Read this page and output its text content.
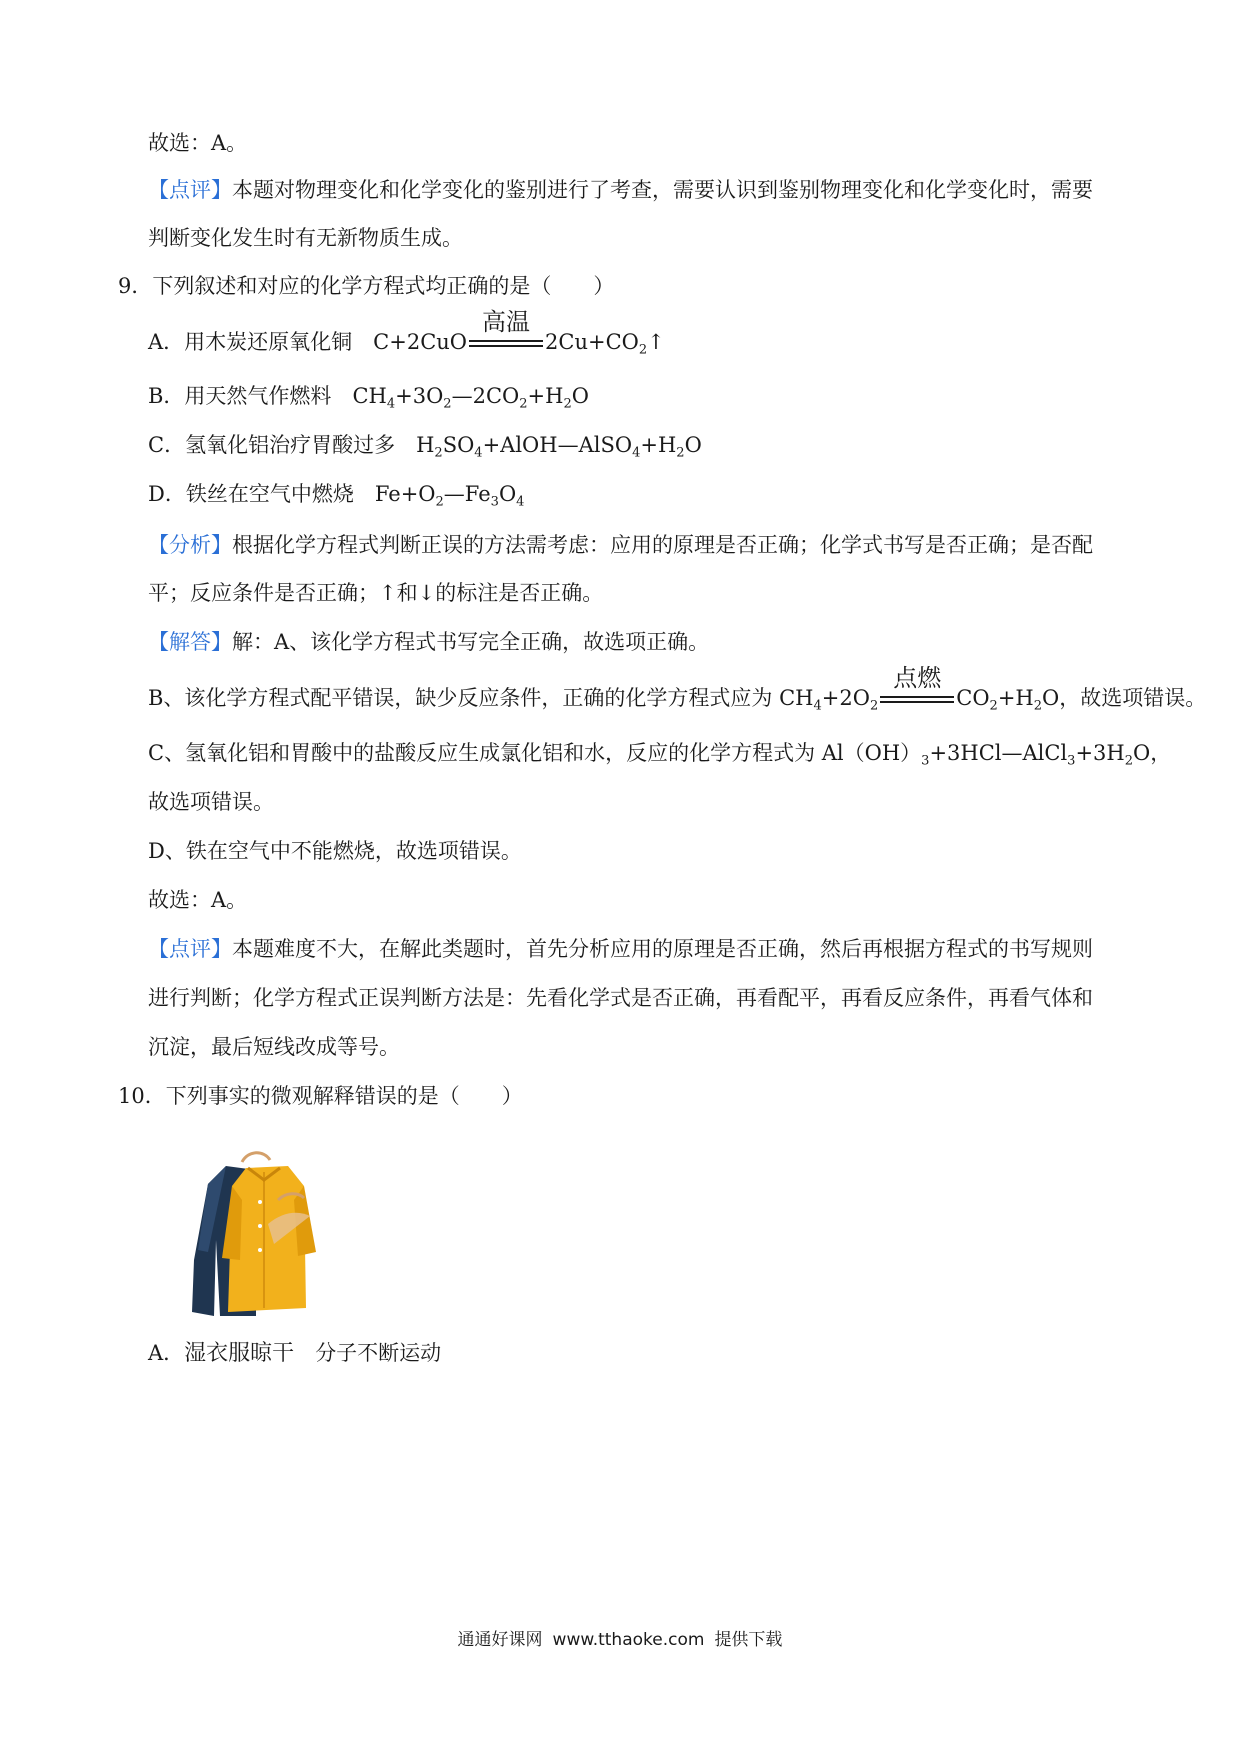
故选：A。
【点评】本题对物理变化和化学变化的鉴别进行了考查，需要认识到鉴别物理变化和化学变化时，需要
判断变化发生时有无新物质生成。
9．下列叙述和对应的化学方程式均正确的是（　　）
A．用木炭还原氧化铜　C+2CuO
高温
$2Cu+CO_2↑$
B．用天然气作燃料　$CH_4+3O_2—2CO_2+H_2O$
C．氢氧化铝治疗胃酸过多　$H_2SO_4+AlOH—AlSO_4+H_2O$
D．铁丝在空气中燃烧　$Fe+O_2—Fe_3O_4$
【分析】根据化学方程式判断正误的方法需考虑：应用的原理是否正确；化学式书写是否正确；是否配
平；反应条件是否正确；↑和↓的标注是否正确。
【解答】解：A、该化学方程式书写完全正确，故选项正确。
B、该化学方程式配平错误，缺少反应条件，正确的化学方程式应为 $CH_4+2O_2$
点燃
$CO_2+H_2O$，故选项错误。
C、氢氧化铝和胃酸中的盐酸反应生成氯化铝和水，反应的化学方程式为 $Al(OH)_3+3HCl—AlCl_3+3H_2O$，
故选项错误。
D、铁在空气中不能燃烧，故选项错误。
故选：A。
【点评】本题难度不大，在解此类题时，首先分析应用的原理是否正确，然后再根据方程式的书写规则
进行判断；化学方程式正误判断方法是：先看化学式是否正确，再看配平，再看反应条件，再看气体和
沉淀，最后短线改成等号。
10．下列事实的微观解释错误的是（　　）
A．湿衣服晾干　 分子不断运动
通通好课网 www.tthaoke.com 提供下载
